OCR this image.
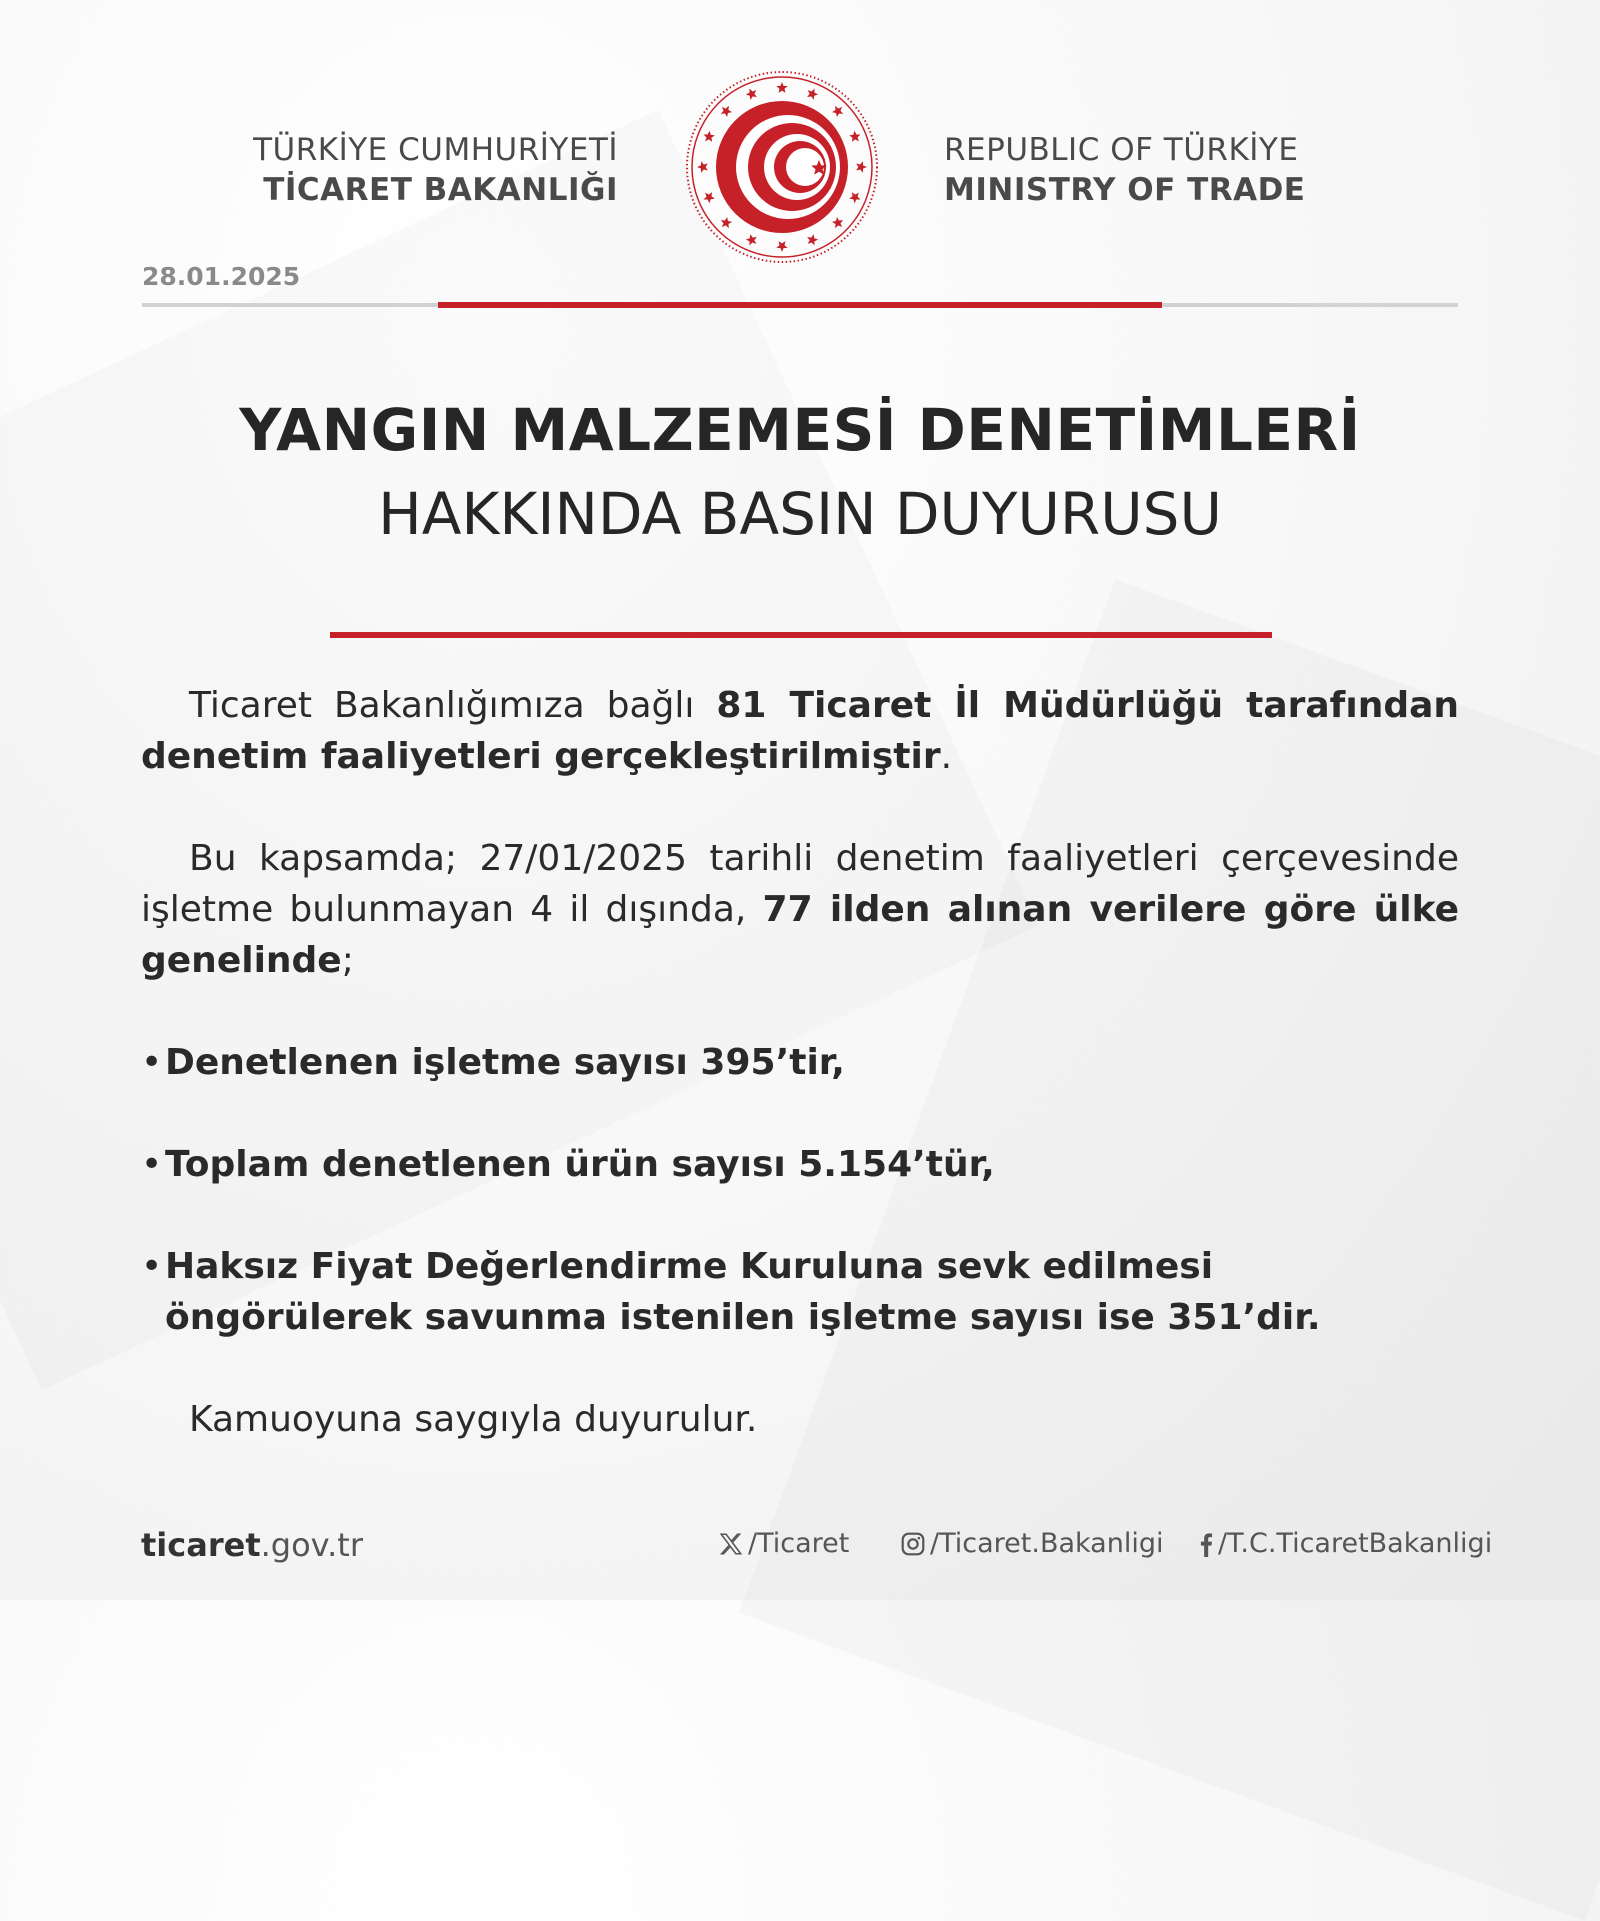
TÜRKİYE CUMHURİYETİ
TİCARET BAKANLIĞI
REPUBLIC OF TÜRKİYE
MINISTRY OF TRADE
28.01.2025
YANGIN MALZEMESİ DENETİMLERİ
HAKKINDA BASIN DUYURUSU

Ticaret Bakanlığımıza bağlı 81 Ticaret İl Müdürlüğü tarafından denetim faaliyetleri gerçekleştirilmiştir.

Bu kapsamda; 27/01/2025 tarihli denetim faaliyetleri çerçevesinde işletme bulunmayan 4 il dışında, 77 ilden alınan verilere göre ülke genelinde;

• Denetlenen işletme sayısı 395’tir,

• Toplam denetlenen ürün sayısı 5.154’tür,

• Haksız Fiyat Değerlendirme Kuruluna sevk edilmesi öngörülerek savunma istenilen işletme sayısı ise 351’dir.

Kamuoyuna saygıyla duyurulur.

ticaret.gov.tr	/Ticaret	/Ticaret.Bakanligi /T.C.TicaretBakanligi
